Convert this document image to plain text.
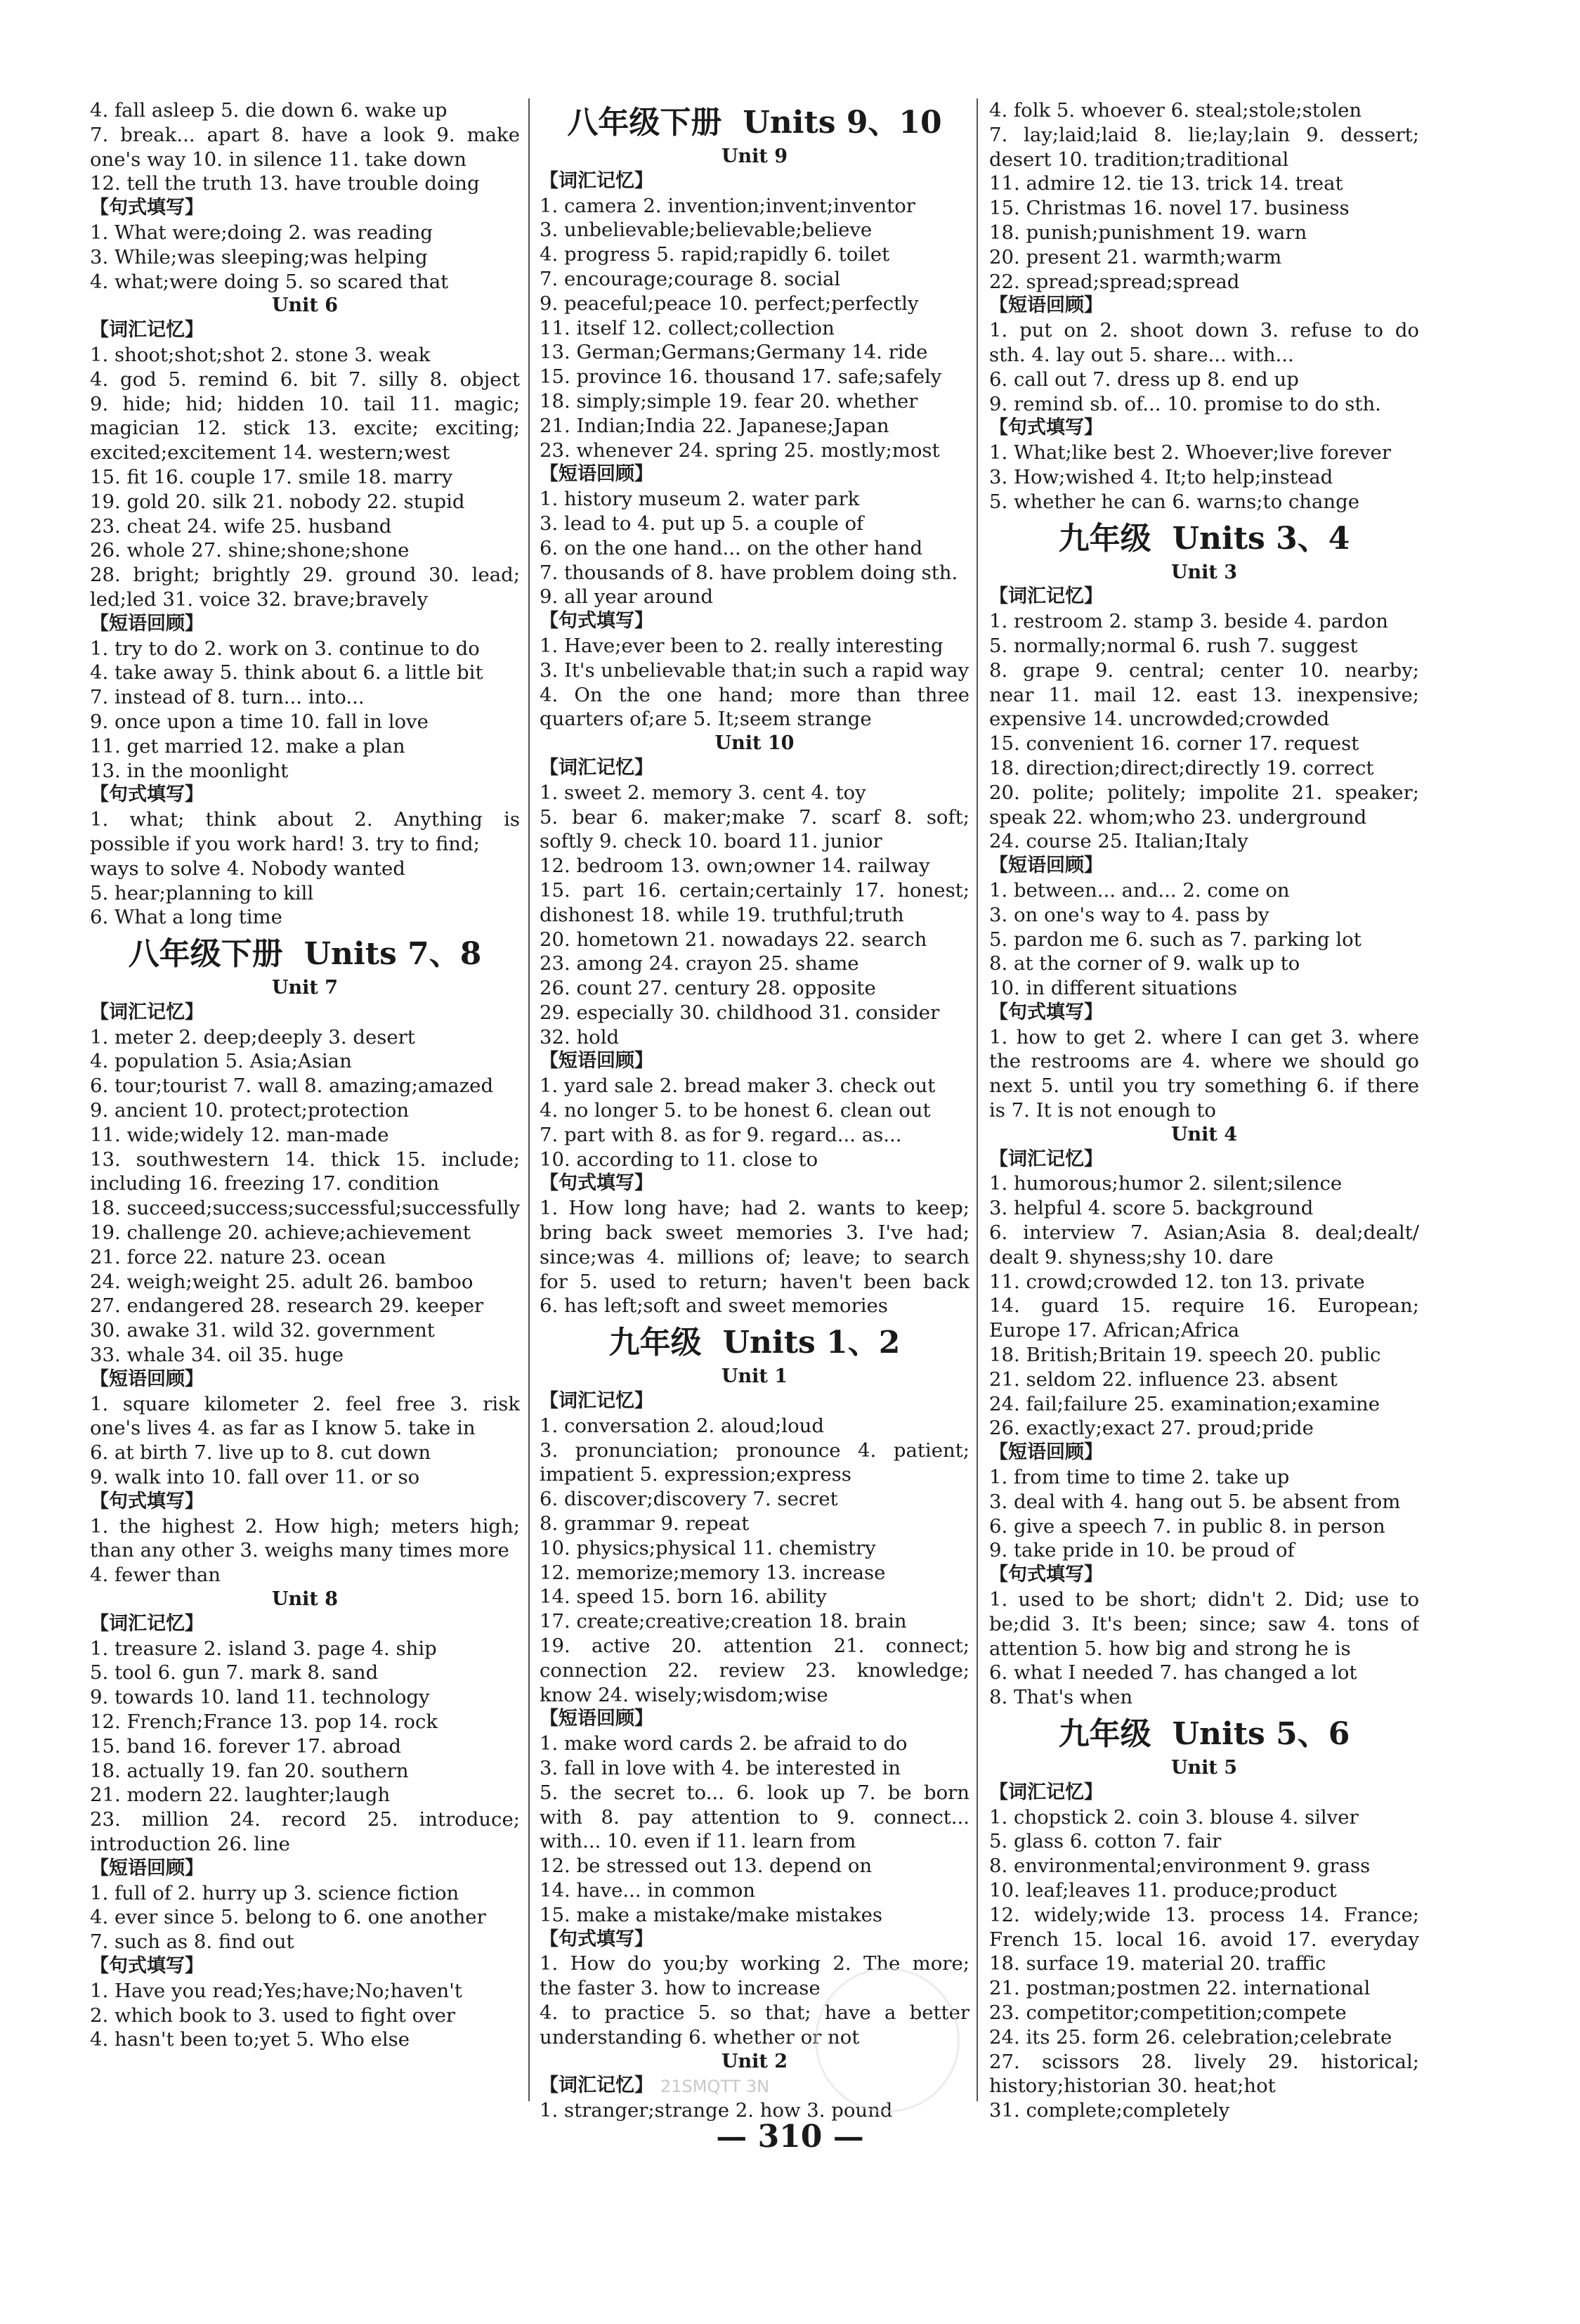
4. fall asleep 5. die down 6. wake up
7. break... apart 8. have a look 9. make
one's way 10. in silence 11. take down
12. tell the truth 13. have trouble doing
【句式填写】
1. What were;doing 2. was reading
3. While;was sleeping;was helping
4. what;were doing 5. so scared that
Unit 6
【词汇记忆】
1. shoot;shot;shot 2. stone 3. weak
4. god 5. remind 6. bit 7. silly 8. object
9. hide; hid; hidden 10. tail 11. magic;
magician 12. stick 13. excite; exciting;
excited;excitement 14. western;west
15. fit 16. couple 17. smile 18. marry
19. gold 20. silk 21. nobody 22. stupid
23. cheat 24. wife 25. husband
26. whole 27. shine;shone;shone
28. bright; brightly 29. ground 30. lead;
led;led 31. voice 32. brave;bravely
【短语回顾】
1. try to do 2. work on 3. continue to do
4. take away 5. think about 6. a little bit
7. instead of 8. turn... into...
9. once upon a time 10. fall in love
11. get married 12. make a plan
13. in the moonlight
【句式填写】
1. what; think about 2. Anything is
possible if you work hard! 3. try to find;
ways to solve 4. Nobody wanted
5. hear;planning to kill
6. What a long time
八年级下册 Units 7、8
Unit 7
【词汇记忆】
1. meter 2. deep;deeply 3. desert
4. population 5. Asia;Asian
6. tour;tourist 7. wall 8. amazing;amazed
9. ancient 10. protect;protection
11. wide;widely 12. man-made
13. southwestern 14. thick 15. include;
including 16. freezing 17. condition
18. succeed;success;successful;successfully
19. challenge 20. achieve;achievement
21. force 22. nature 23. ocean
24. weigh;weight 25. adult 26. bamboo
27. endangered 28. research 29. keeper
30. awake 31. wild 32. government
33. whale 34. oil 35. huge
【短语回顾】
1. square kilometer 2. feel free 3. risk
one's lives 4. as far as I know 5. take in
6. at birth 7. live up to 8. cut down
9. walk into 10. fall over 11. or so
【句式填写】
1. the highest 2. How high; meters high;
than any other 3. weighs many times more
4. fewer than
Unit 8
【词汇记忆】
1. treasure 2. island 3. page 4. ship
5. tool 6. gun 7. mark 8. sand
9. towards 10. land 11. technology
12. French;France 13. pop 14. rock
15. band 16. forever 17. abroad
18. actually 19. fan 20. southern
21. modern 22. laughter;laugh
23. million 24. record 25. introduce;
introduction 26. line
【短语回顾】
1. full of 2. hurry up 3. science fiction
4. ever since 5. belong to 6. one another
7. such as 8. find out
【句式填写】
1. Have you read;Yes;have;No;haven't
2. which book to 3. used to fight over
4. hasn't been to;yet 5. Who else
八年级下册 Units 9、10
Unit 9
【词汇记忆】
1. camera 2. invention;invent;inventor
3. unbelievable;believable;believe
4. progress 5. rapid;rapidly 6. toilet
7. encourage;courage 8. social
9. peaceful;peace 10. perfect;perfectly
11. itself 12. collect;collection
13. German;Germans;Germany 14. ride
15. province 16. thousand 17. safe;safely
18. simply;simple 19. fear 20. whether
21. Indian;India 22. Japanese;Japan
23. whenever 24. spring 25. mostly;most
【短语回顾】
1. history museum 2. water park
3. lead to 4. put up 5. a couple of
6. on the one hand... on the other hand
7. thousands of 8. have problem doing sth.
9. all year around
【句式填写】
1. Have;ever been to 2. really interesting
3. It's unbelievable that;in such a rapid way
4. On the one hand; more than three
quarters of;are 5. It;seem strange
Unit 10
【词汇记忆】
1. sweet 2. memory 3. cent 4. toy
5. bear 6. maker;make 7. scarf 8. soft;
softly 9. check 10. board 11. junior
12. bedroom 13. own;owner 14. railway
15. part 16. certain;certainly 17. honest;
dishonest 18. while 19. truthful;truth
20. hometown 21. nowadays 22. search
23. among 24. crayon 25. shame
26. count 27. century 28. opposite
29. especially 30. childhood 31. consider
32. hold
【短语回顾】
1. yard sale 2. bread maker 3. check out
4. no longer 5. to be honest 6. clean out
7. part with 8. as for 9. regard... as...
10. according to 11. close to
【句式填写】
1. How long have; had 2. wants to keep;
bring back sweet memories 3. I've had;
since;was 4. millions of; leave; to search
for 5. used to return; haven't been back
6. has left;soft and sweet memories
九年级 Units 1、2
Unit 1
【词汇记忆】
1. conversation 2. aloud;loud
3. pronunciation; pronounce 4. patient;
impatient 5. expression;express
6. discover;discovery 7. secret
8. grammar 9. repeat
10. physics;physical 11. chemistry
12. memorize;memory 13. increase
14. speed 15. born 16. ability
17. create;creative;creation 18. brain
19. active 20. attention 21. connect;
connection 22. review 23. knowledge;
know 24. wisely;wisdom;wise
【短语回顾】
1. make word cards 2. be afraid to do
3. fall in love with 4. be interested in
5. the secret to... 6. look up 7. be born
with 8. pay attention to 9. connect...
with... 10. even if 11. learn from
12. be stressed out 13. depend on
14. have... in common
15. make a mistake/make mistakes
【句式填写】
1. How do you;by working 2. The more;
the faster 3. how to increase
4. to practice 5. so that; have a better
understanding 6. whether or not
Unit 2
【词汇记忆】
1. stranger;strange 2. how 3. pound
4. folk 5. whoever 6. steal;stole;stolen
7. lay;laid;laid 8. lie;lay;lain 9. dessert;
desert 10. tradition;traditional
11. admire 12. tie 13. trick 14. treat
15. Christmas 16. novel 17. business
18. punish;punishment 19. warn
20. present 21. warmth;warm
22. spread;spread;spread
【短语回顾】
1. put on 2. shoot down 3. refuse to do
sth. 4. lay out 5. share... with...
6. call out 7. dress up 8. end up
9. remind sb. of... 10. promise to do sth.
【句式填写】
1. What;like best 2. Whoever;live forever
3. How;wished 4. It;to help;instead
5. whether he can 6. warns;to change
九年级 Units 3、4
Unit 3
【词汇记忆】
1. restroom 2. stamp 3. beside 4. pardon
5. normally;normal 6. rush 7. suggest
8. grape 9. central; center 10. nearby;
near 11. mail 12. east 13. inexpensive;
expensive 14. uncrowded;crowded
15. convenient 16. corner 17. request
18. direction;direct;directly 19. correct
20. polite; politely; impolite 21. speaker;
speak 22. whom;who 23. underground
24. course 25. Italian;Italy
【短语回顾】
1. between... and... 2. come on
3. on one's way to 4. pass by
5. pardon me 6. such as 7. parking lot
8. at the corner of 9. walk up to
10. in different situations
【句式填写】
1. how to get 2. where I can get 3. where
the restrooms are 4. where we should go
next 5. until you try something 6. if there
is 7. It is not enough to
Unit 4
【词汇记忆】
1. humorous;humor 2. silent;silence
3. helpful 4. score 5. background
6. interview 7. Asian;Asia 8. deal;dealt/
dealt 9. shyness;shy 10. dare
11. crowd;crowded 12. ton 13. private
14. guard 15. require 16. European;
Europe 17. African;Africa
18. British;Britain 19. speech 20. public
21. seldom 22. influence 23. absent
24. fail;failure 25. examination;examine
26. exactly;exact 27. proud;pride
【短语回顾】
1. from time to time 2. take up
3. deal with 4. hang out 5. be absent from
6. give a speech 7. in public 8. in person
9. take pride in 10. be proud of
【句式填写】
1. used to be short; didn't 2. Did; use to
be;did 3. It's been; since; saw 4. tons of
attention 5. how big and strong he is
6. what I needed 7. has changed a lot
8. That's when
九年级 Units 5、6
Unit 5
【词汇记忆】
1. chopstick 2. coin 3. blouse 4. silver
5. glass 6. cotton 7. fair
8. environmental;environment 9. grass
10. leaf;leaves 11. produce;product
12. widely;wide 13. process 14. France;
French 15. local 16. avoid 17. everyday
18. surface 19. material 20. traffic
21. postman;postmen 22. international
23. competitor;competition;compete
24. its 25. form 26. celebration;celebrate
27. scissors 28. lively 29. historical;
history;historian 30. heat;hot
31. complete;completely
21SMQTT 3N
— 310 —
